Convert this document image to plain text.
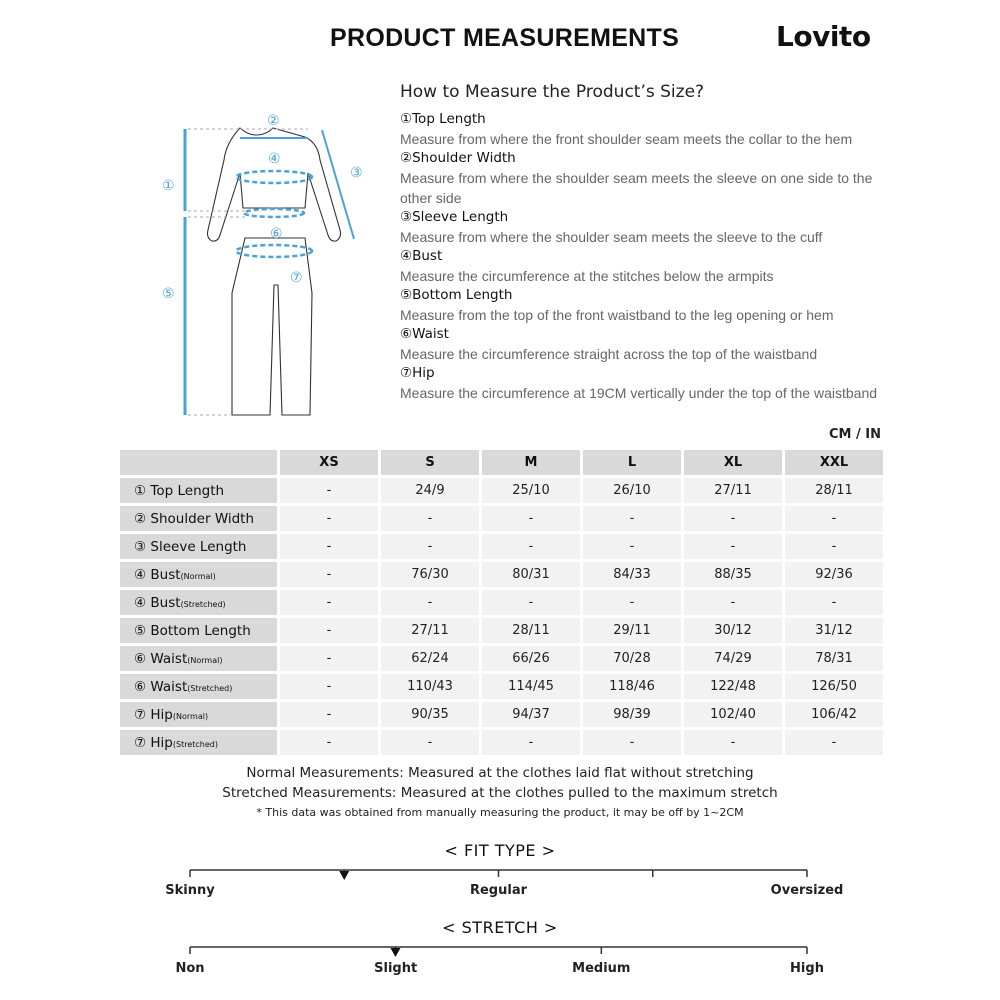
PRODUCT MEASUREMENTS	Lovito
①
②
③
④
⑤
⑥
⑦
How to Measure the Product’s Size?
①Top Length
Measure from where the front shoulder seam meets the collar to the hem
②Shoulder Width
Measure from where the shoulder seam meets the sleeve on one side to the other side
③Sleeve Length
Measure from where the shoulder seam meets the sleeve to the cuff
④Bust
Measure the circumference at the stitches below the armpits
⑤Bottom Length
Measure from the top of the front waistband to the leg opening or hem
⑥Waist
Measure the circumference straight across the top of the waistband
⑦Hip
Measure the circumference at 19CM vertically under the top of the waistband
CM / IN
	XS	S	M	L	XL	XXL
① Top Length	-	24/9	25/10	26/10	27/11	28/11
② Shoulder Width	-	-	-	-	-	-
③ Sleeve Length	-	-	-	-	-	-
④ Bust(Normal)	-	76/30	80/31	84/33	88/35	92/36
④ Bust(Stretched)	-	-	-	-	-	-
⑤ Bottom Length	-	27/11	28/11	29/11	30/12	31/12
⑥ Waist(Normal)	-	62/24	66/26	70/28	74/29	78/31
⑥ Waist(Stretched)	-	110/43	114/45	118/46	122/48	126/50
⑦ Hip(Normal)	-	90/35	94/37	98/39	102/40	106/42
⑦ Hip(Stretched)	-	-	-	-	-	-
Normal Measurements: Measured at the clothes laid flat without stretching
Stretched Measurements: Measured at the clothes pulled to the maximum stretch
* This data was obtained from manually measuring the product, it may be off by 1~2CM
< FIT TYPE >
Skinny	Regular	Oversized
< STRETCH >
Non	Slight	Medium	High
